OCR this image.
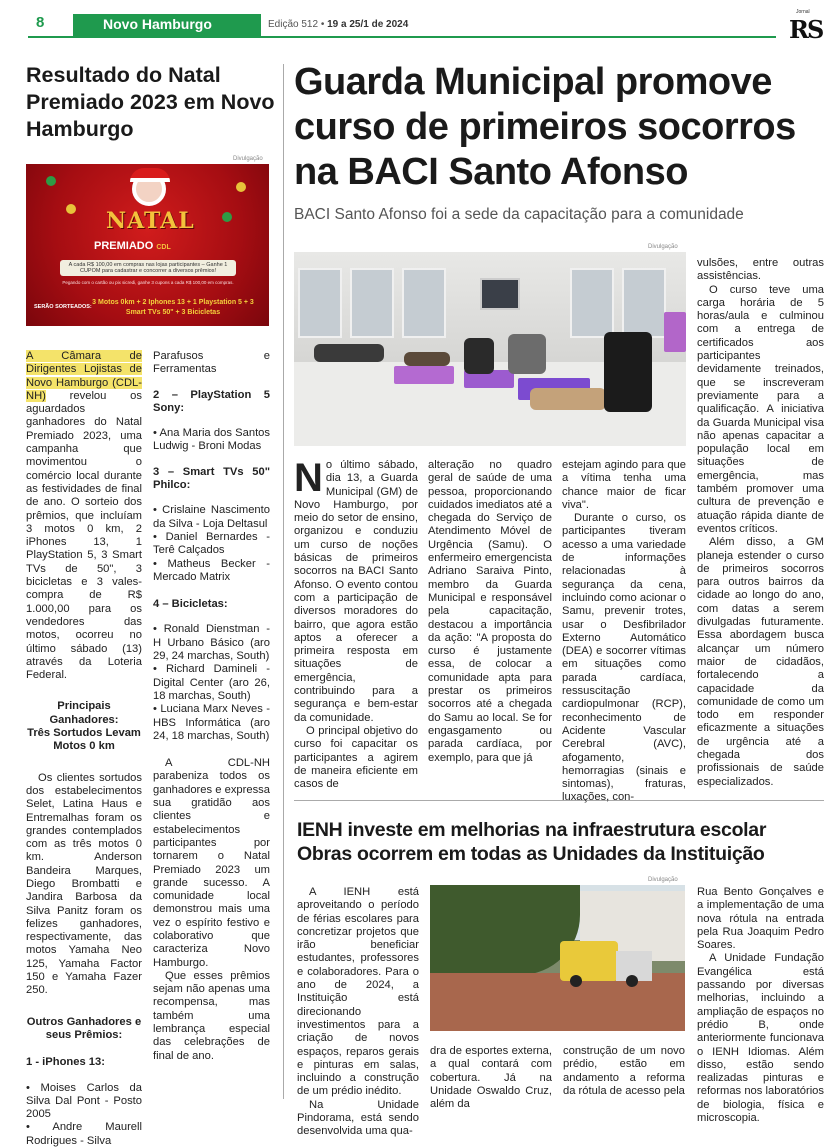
8	Novo Hamburgo	Edição 512 • 19 a 25/1 de 2024
Jornal
RS
Resultado do Natal Premiado 2023 em Novo Hamburgo
Divulgação
NATAL
PREMIADO CDL
A cada R$ 100,00 em compras nas lojas participantes – Ganhe 1 CUPOM para cadastrar e concorrer a diversos prêmios!
Pegando com o cartão ou pix sicredi, ganhe 3 cupons a cada R$ 100,00 em compras.
SERÃO SORTEADOS:
3 Motos 0km + 2 Iphones 13 + 1 Playstation 5 + 3 Smart TVs 50" + 3 Bicicletas

A Câmara de Dirigentes Lojistas de Novo Hamburgo (CDL-NH) revelou os aguardados ganhadores do Natal Premiado 2023, uma campanha que movimentou o comércio local durante as festividades de final de ano. O sorteio dos prêmios, que incluíam 3 motos 0 km, 2 iPhones 13, 1 PlayStation 5, 3 Smart TVs de 50", 3 bicicletas e 3 vales-compra de R$ 1.000,00 para os vendedores das motos, ocorreu no último sábado (13) através da Loteria Federal.

Principais Ganhadores:

Três Sortudos Levam Motos 0 km

Os clientes sortudos dos estabelecimentos Selet, Latina Haus e Entremalhas foram os grandes contemplados com as três motos 0 km. Anderson Bandeira Marques, Diego Brombatti e Jandira Barbosa da Silva Panitz foram os felizes ganhadores, respectivamente, das motos Yamaha Neo 125, Yamaha Factor 150 e Yamaha Fazer 250.

Outros Ganhadores e seus Prêmios:

1 - iPhones 13:

• Moises Carlos da Silva Dal Pont - Posto 2005

• Andre Maurell Rodrigues - Silva

Parafusos e Ferramentas

2 – PlayStation 5 Sony:

• Ana Maria dos Santos Ludwig - Broni Modas

3 – Smart TVs 50" Philco:

• Crislaine Nascimento da Silva - Loja Deltasul

• Daniel Bernardes - Terê Calçados

• Matheus Becker - Mercado Matrix

4 – Bicicletas:

• Ronald Dienstman - H Urbano Básico (aro 29, 24 marchas, South)

• Richard Damineli - Digital Center (aro 26, 18 marchas, South)

• Luciana Marx Neves - HBS Informática (aro 24, 18 marchas, South)

A CDL-NH parabeniza todos os ganhadores e expressa sua gratidão aos clientes e estabelecimentos participantes por tornarem o Natal Premiado 2023 um grande sucesso. A comunidade local demonstrou mais uma vez o espírito festivo e colaborativo que caracteriza Novo Hamburgo.

Que esses prêmios sejam não apenas uma recompensa, mas também uma lembrança especial das celebrações de final de ano.

Guarda Municipal promove curso de primeiros socorros na BACI Santo Afonso
BACI Santo Afonso foi a sede da capacitação para a comunidade
Divulgação

No último sábado, dia 13, a Guarda Municipal (GM) de Novo Hamburgo, por meio do setor de ensino, organizou e conduziu um curso de noções básicas de primeiros socorros na BACI Santo Afonso. O evento contou com a participação de diversos moradores do bairro, que agora estão aptos a oferecer a primeira resposta em situações de emergência, contribuindo para a segurança e bem-estar da comunidade.

O principal objetivo do curso foi capacitar os participantes a agirem de maneira eficiente em casos de

alteração no quadro geral de saúde de uma pessoa, proporcionando cuidados imediatos até a chegada do Serviço de Atendimento Móvel de Urgência (Samu). O enfermeiro emergencista Adriano Saraiva Pinto, membro da Guarda Municipal e responsável pela capacitação, destacou a importância da ação: "A proposta do curso é justamente essa, de colocar a comunidade apta para prestar os primeiros socorros até a chegada do Samu ao local. Se for engasgamento ou parada cardíaca, por exemplo, para que já

estejam agindo para que a vítima tenha uma chance maior de ficar viva".

Durante o curso, os participantes tiveram acesso a uma variedade de informações relacionadas à segurança da cena, incluindo como acionar o Samu, prevenir trotes, usar o Desfibrilador Externo Automático (DEA) e socorrer vítimas em situações como parada cardíaca, ressuscitação cardiopulmonar (RCP), reconhecimento de Acidente Vascular Cerebral (AVC), afogamento, hemorragias (sinais e sintomas), fraturas, luxações, con-

vulsões, entre outras assistências.

O curso teve uma carga horária de 5 horas/aula e culminou com a entrega de certificados aos participantes devidamente treinados, que se inscreveram previamente para a qualificação. A iniciativa da Guarda Municipal visa não apenas capacitar a população local em situações de emergência, mas também promover uma cultura de prevenção e atuação rápida diante de eventos críticos.

Além disso, a GM planeja estender o curso de primeiros socorros para outros bairros da cidade ao longo do ano, com datas a serem divulgadas futuramente. Essa abordagem busca alcançar um número maior de cidadãos, fortalecendo a capacidade da comunidade de como um todo em responder eficazmente a situações de urgência até a chegada dos profissionais de saúde especializados.

IENH investe em melhorias na infraestrutura escolar
Obras ocorrem em todas as Unidades da Instituição
Divulgação

A IENH está aproveitando o período de férias escolares para concretizar projetos que irão beneficiar estudantes, professores e colaboradores. Para o ano de 2024, a Instituição está direcionando investimentos para a criação de novos espaços, reparos gerais e pinturas em salas, incluindo a construção de um prédio inédito.

Na Unidade Pindorama, está sendo desenvolvida uma qua-

dra de esportes externa, a qual contará com cobertura. Já na Unidade Oswaldo Cruz, além da

construção de um novo prédio, estão em andamento a reforma da rótula de acesso pela

Rua Bento Gonçalves e a implementação de uma nova rótula na entrada pela Rua Joaquim Pedro Soares.

A Unidade Fundação Evangélica está passando por diversas melhorias, incluindo a ampliação de espaços no prédio B, onde anteriormente funcionava o IENH Idiomas. Além disso, estão sendo realizadas pinturas e reformas nos laboratórios de biologia, física e microscopia.
